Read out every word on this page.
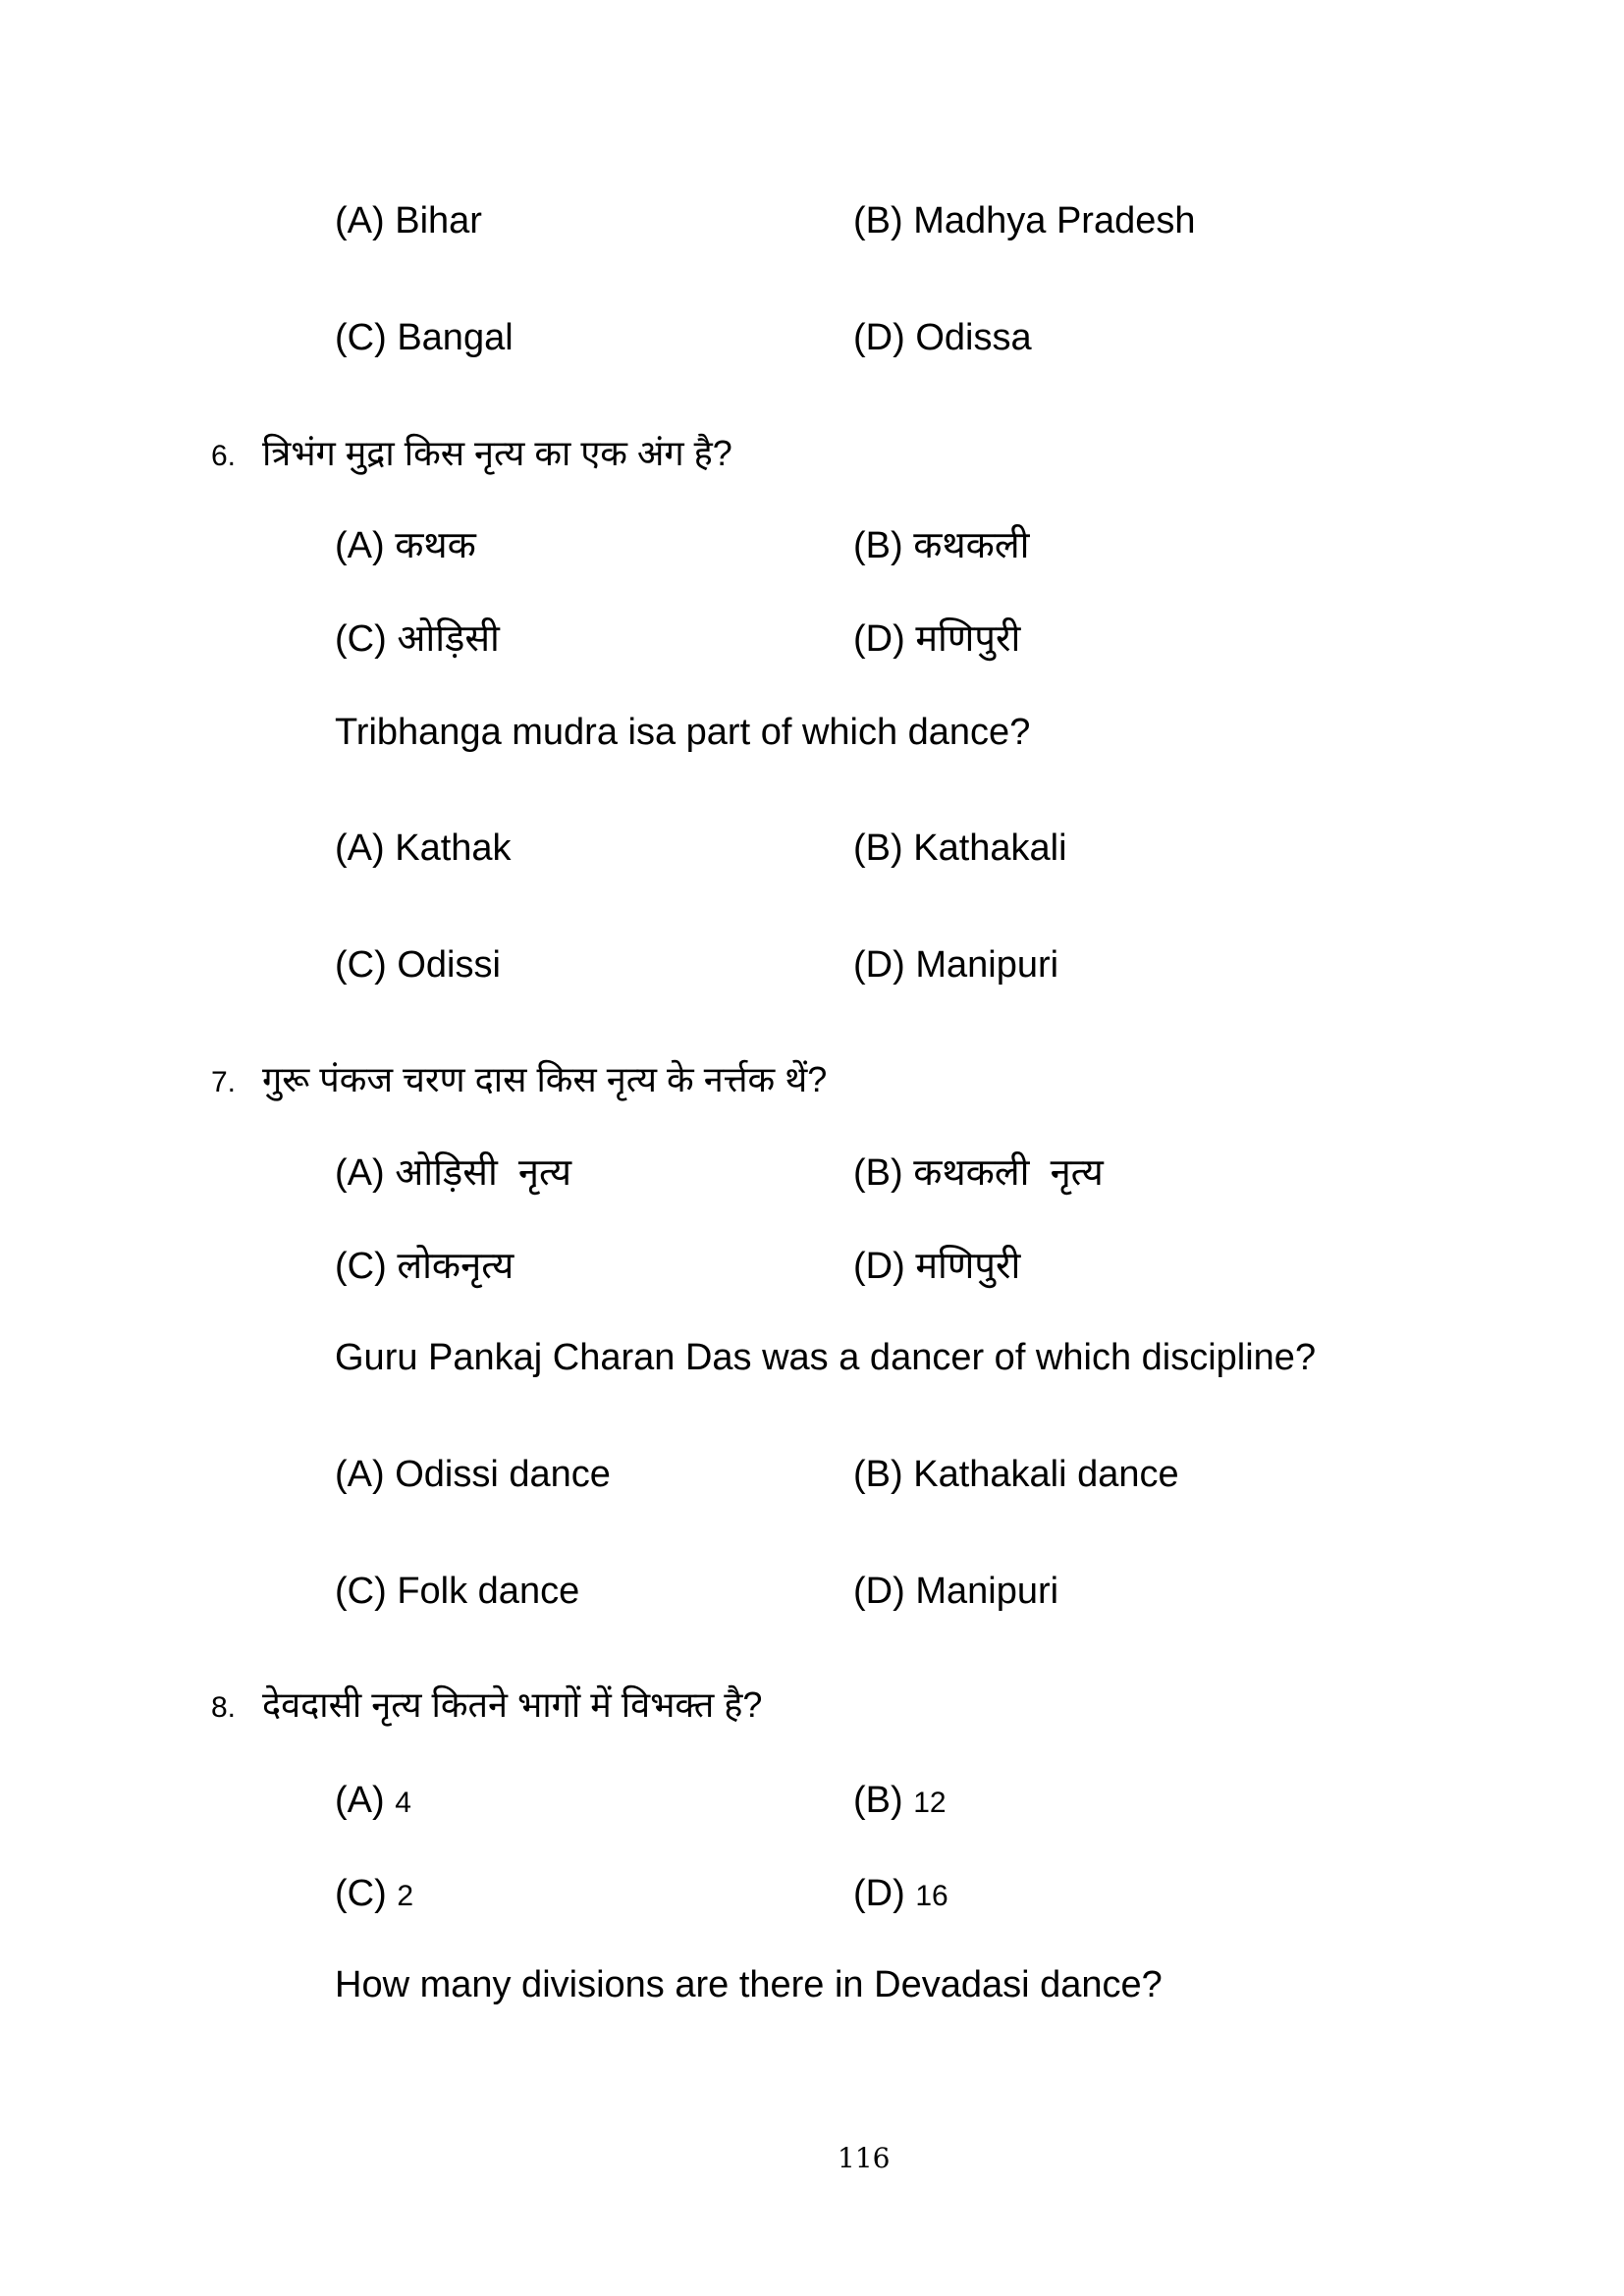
(A) Bihar	(B) Madhya Pradesh
(C) Bangal	(D) Odissa
6. त्रिभंग मुद्रा किस नृत्य का एक अंग है?
(A) कथक	(B) कथकली
(C) ओड़िसी	(D) मणिपुरी
Tribhanga mudra isa part of which dance?
(A) Kathak	(B) Kathakali
(C) Odissi	(D) Manipuri
7. गुरू पंकज चरण दास किस नृत्य के नर्त्तक थें?
(A) ओड़िसी  नृत्य	(B) कथकली  नृत्य
(C) लोकनृत्य	(D) मणिपुरी
Guru Pankaj Charan Das was a dancer of which discipline?
(A) Odissi dance	(B) Kathakali dance
(C) Folk dance	(D) Manipuri
8. देवदासी नृत्य कितने भागों में विभक्त है?
(A) 4	(B) 12
(C) 2	(D) 16
How many divisions are there in Devadasi dance?
116
